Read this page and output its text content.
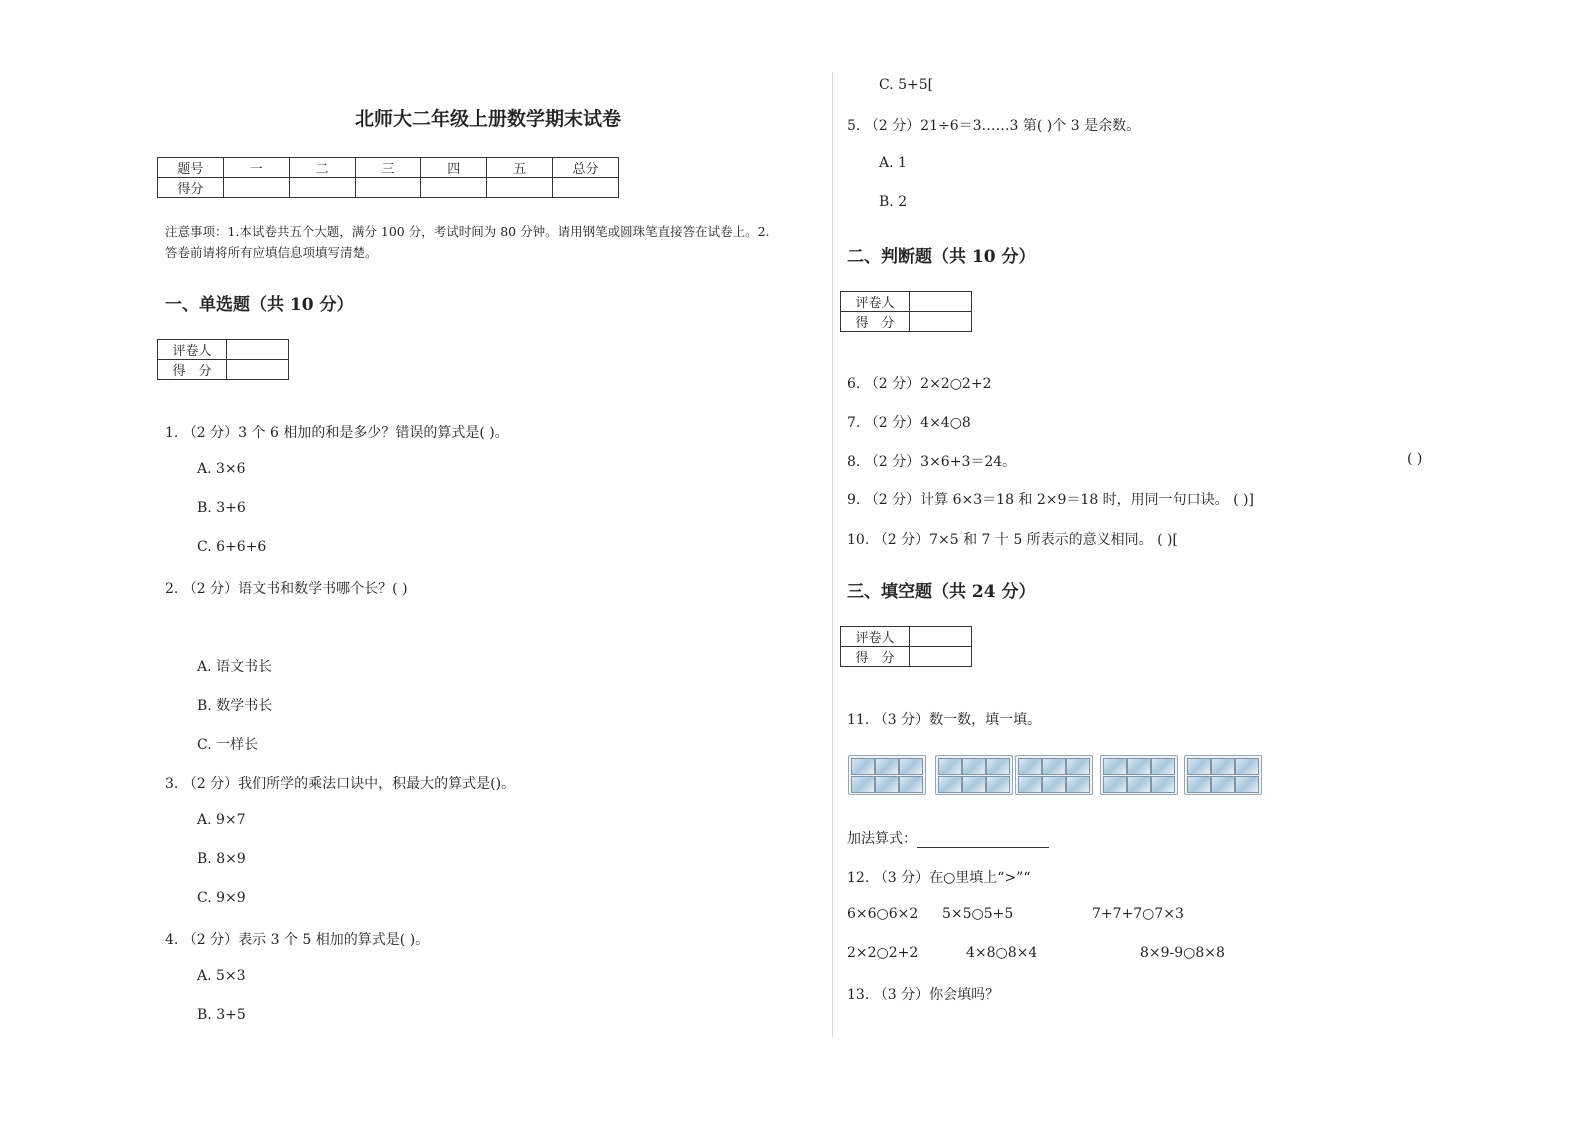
北师大二年级上册数学期末试卷
题号	一	二	三	四	五	总分
得分						
注意事项：1.本试卷共五个大题，满分 100 分，考试时间为 80 分钟。请用钢笔或圆珠笔直接答在试卷上。2.
答卷前请将所有应填信息项填写清楚。
一、单选题（共 10 分）
评卷人	
得　分	
1. （2 分）3 个 6 相加的和是多少？错误的算式是( )。
A. 3×6
B. 3+6
C. 6+6+6
2. （2 分）语文书和数学书哪个长？( )
A. 语文书长
B. 数学书长
C. 一样长
3. （2 分）我们所学的乘法口诀中，积最大的算式是()。
A. 9×7
B. 8×9
C. 9×9
4. （2 分）表示 3 个 5 相加的算式是( )。
A. 5×3
B. 3+5
C. 5+5[
5. （2 分）21÷6＝3……3 第( )个 3 是余数。
A. 1
B. 2
二、判断题（共 10 分）
评卷人	
得　分	
6. （2 分）2×2○2+2
7. （2 分）4×4○8
8. （2 分）3×6+3＝24。	( )
9. （2 分）计算 6×3＝18 和 2×9＝18 时，用同一句口诀。 ( )]
10. （2 分）7×5 和 7 十 5 所表示的意义相同。 ( )[
三、填空题（共 24 分）
评卷人	
得　分	
11. （3 分）数一数，填一填。
加法算式：
12. （3 分）在○里填上“>”“
6×6○6×2 5×5○5+5	7+7+7○7×3
2×2○2+2	4×8○8×4	8×9-9○8×8
13. （3 分）你会填吗？
